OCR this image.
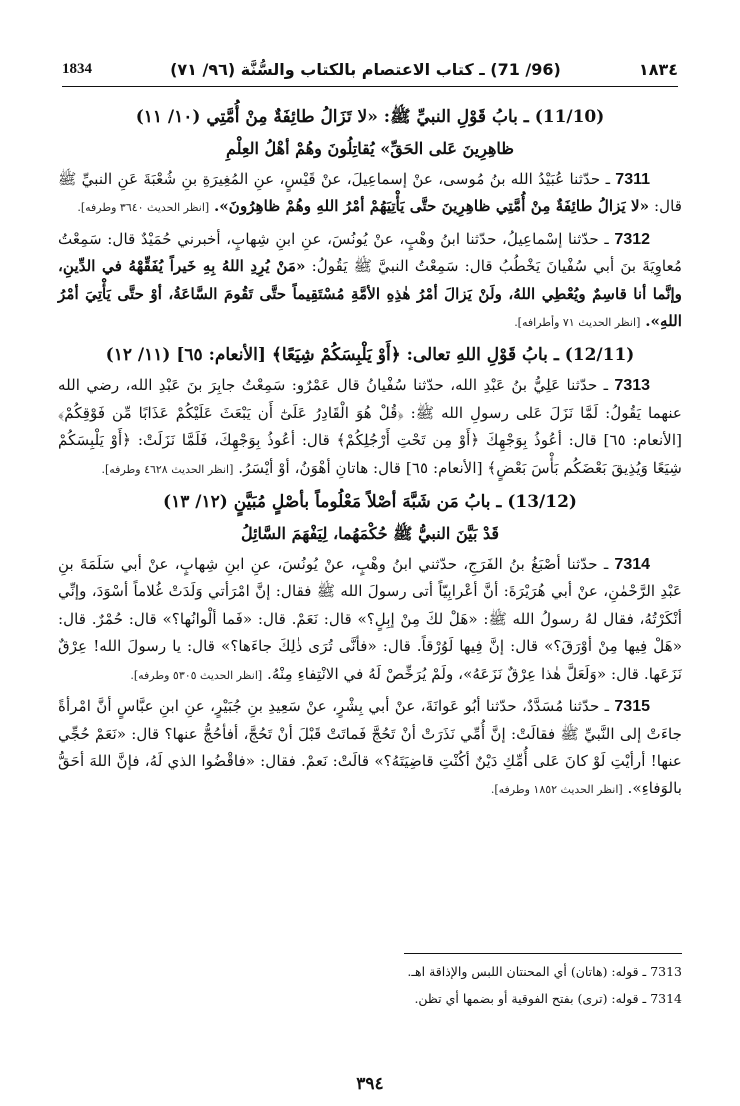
1834	(96/ 71) ـ كتاب الاعتصام بالكتاب والسُّنَّة (٩٦/ ٧١)	١٨٣٤
(11/10) ـ بابُ قَوْلِ النبيِّ ﷺ: «لا تَزَالُ طائِفَةٌ مِنْ أُمَّتِي (١٠/ ١١)
ظاهِرِينَ عَلى الحَقِّ» يُقاتِلُونَ وهُمْ أهْلُ العِلْمِ

7311 ـ حدّثنا عُبَيْدُ الله بنُ مُوسى، عنْ إسماعِيلَ، عنْ قَيْسٍ، عنِ المُغِيرَةِ بنِ شُعْبَةَ عَنِ النبيِّ ﷺ قال: «لا يَزالُ طائِفَةٌ مِنْ أُمَّتِي ظاهِرِينَ حتَّى يَأْتِيَهُمْ أمْرُ اللهِ وهُمْ ظاهِرُونَ». [انظر الحديث ٣٦٤٠ وطرفه].

7312 ـ حدّثنا إسْماعِيلُ، حدّثنا ابنُ وهْبٍ، عنْ يُونُسَ، عنِ ابنِ شِهابٍ، أخبرني حُمَيْدٌ قال: سَمِعْتُ مُعاوِيَةَ بنَ أبي سُفْيانَ يَخْطُبُ قال: سَمِعْتُ النبيَّ ﷺ يَقُولُ: «مَنْ يُرِدِ اللهُ بِهِ خَيراً يُفَقِّهْهُ في الدِّينِ، وإنَّما أنا قاسِمٌ ويُعْطِي اللهُ، ولَنْ يَزالَ أمْرُ هٰذِهِ الأمَّةِ مُسْتَقِيماً حتَّى تَقُومَ السَّاعَةُ، أوْ حتَّى يَأْتِيَ أمْرُ اللهِ». [انظر الحديث ٧١ وأطرافه].

(12/11) ـ بابُ قَوْلِ اللهِ تعالى: ﴿أَوْ يَلْبِسَكُمْ شِيَعًا﴾ [الأنعام: ٦٥] (١١/ ١٢)

7313 ـ حدّثنا عَلِيُّ بنُ عَبْدِ الله، حدّثنا سُفْيانُ قال عَمْرٌو: سَمِعْتُ جابِرَ بنَ عَبْدِ الله، رضي الله عنهما يَقُولُ: لَمَّا نَزَلَ عَلى رسولِ الله ﷺ: ﴿قُلْ هُوَ الْقَادِرُ عَلَىٰٓ أَن يَبْعَثَ عَلَيْكُمْ عَذَابًا مِّن فَوْقِكُمْ﴾ [الأنعام: ٦٥] قال: أعُوذُ بِوَجْهِكَ ﴿أَوْ مِن تَحْتِ أَرْجُلِكُمْ﴾ قال: أعُوذُ بِوَجْهِكَ، فَلَمَّا نَزَلَتْ: ﴿أَوْ يَلْبِسَكُمْ شِيَعًا وَيُذِيقَ بَعْضَكُم بَأْسَ بَعْضٍ﴾ [الأنعام: ٦٥] قال: هاتانِ أهْوَنُ، أوْ أيْسَرُ. [انظر الحديث ٤٦٢٨ وطرفه].

(13/12) ـ بابُ مَن شَبَّهَ أصْلاً مَعْلُوماً بأصْلٍ مُبَيَّنٍ (١٢/ ١٣)
قَدْ بَيَّنَ النبيُّ ﷺ حُكْمَهُما، لِيَفْهَمَ السَّائِلُ

7314 ـ حدّثنا أصْبَغُ بنُ الفَرَجِ، حدّثني ابنُ وهْبٍ، عنْ يُونُسَ، عنِ ابنِ شِهابٍ، عنْ أبي سَلَمَةَ بنِ عَبْدِ الرَّحْمٰنِ، عنْ أبي هُرَيْرَةَ: أنَّ أعْرابِيّاً أتى رسولَ الله ﷺ فقال: إنَّ امْرَأتي وَلَدَتْ غُلاماً أسْوَدَ، وإنِّي أنْكَرْتُهُ، فقال لهُ رسولُ الله ﷺ: «هَلْ لكَ مِنْ إبِلٍ؟» قال: نَعَمْ. قال: «فَما ألْوانُها؟» قال: حُمْرٌ. قال: «هَلْ فِيها مِنْ أوْرَقَ؟» قال: إنَّ فِيها لَوُرْقاً. قال: «فأنَّى تُرَى ذٰلِكَ جاءَها؟» قال: يا رسولَ الله! عِرْقٌ نَزَعَها. قال: «وَلَعَلَّ هٰذا عِرْقٌ نَزَعَهُ»، ولَمْ يُرَخِّصْ لَهُ في الانْتِفاءِ مِنْهُ. [انظر الحديث ٥٣٠٥ وطرفه].

7315 ـ حدّثنا مُسَدَّدٌ، حدّثنا أبُو عَوانَةَ، عنْ أبي بِشْرٍ، عنْ سَعِيدِ بنِ جُبَيْرٍ، عنِ ابنِ عبَّاسٍ أنَّ امْرأةً جاءَتْ إلى النَّبيِّ ﷺ فقالَتْ: إنَّ أُمِّي نَذَرَتْ أنْ تَحُجَّ فَماتَتْ قَبْلَ أنْ تَحُجَّ، أفأحُجُّ عنها؟ قال: «نَعَمْ حُجِّي عنها! أرأيْتِ لَوْ كانَ عَلى أُمِّكِ دَيْنٌ أكُنْتِ قاضِيَتَهُ؟» قالَتْ: نَعمْ. فقال: «فاقْضُوا الذي لَهُ، فإنَّ اللهَ أحَقُّ بالوَفاءِ». [انظر الحديث ١٨٥٢ وطرفه].

7313 ـ قوله: (هاتان) أي المحنتان اللبس والإذاقة اهـ.
7314 ـ قوله: (ترى) بفتح الفوقية أو بضمها أي تظن.
٣٩٤
